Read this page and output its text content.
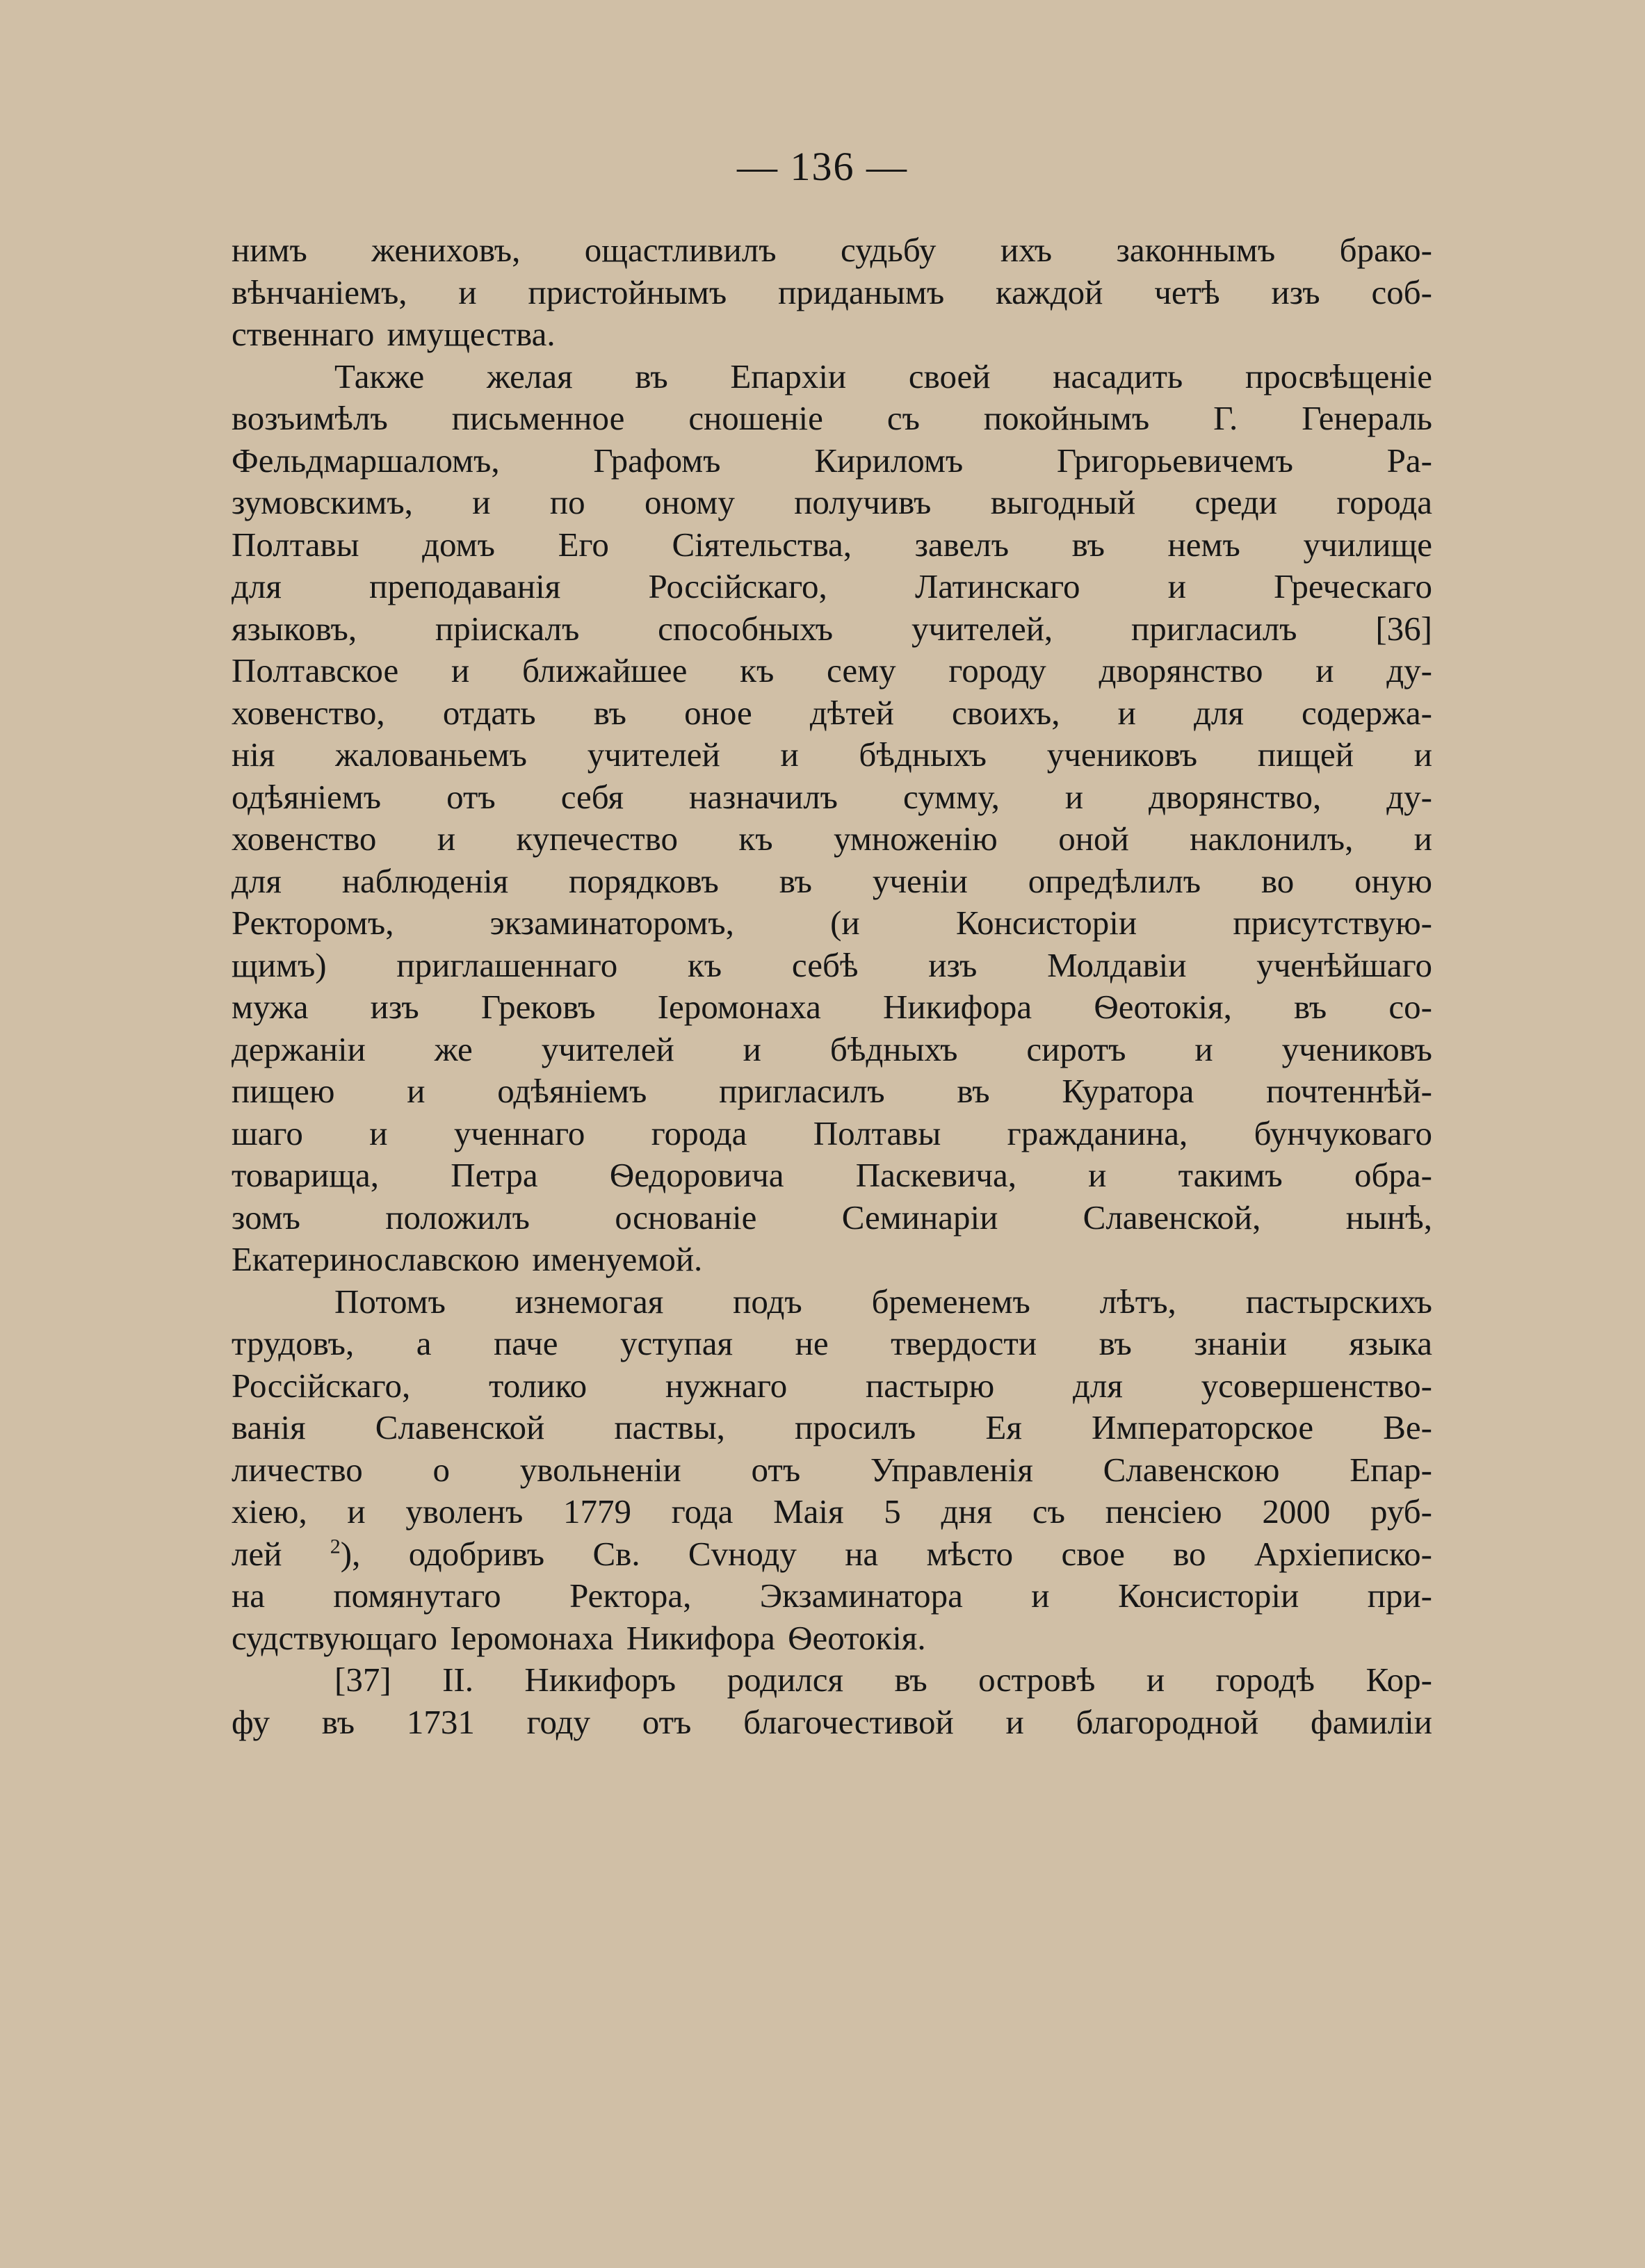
— 136 —
нимъ жениховъ, ощастливилъ судьбу ихъ законнымъ брако-
вѣнчаніемъ, и пристойнымъ приданымъ каждой четѣ изъ соб-
ственнаго имущества.
Также желая въ Епархіи своей насадить просвѣщеніе
возъимѣлъ письменное сношеніе съ покойнымъ Г. Генераль
Фельдмаршаломъ, Графомъ Кириломъ Григорьевичемъ Ра-
зумовскимъ, и по оному получивъ выгодный среди города
Полтавы домъ Его Сіятельства, завелъ въ немъ училище
для преподаванія Россійскаго, Латинскаго и Греческаго
языковъ, пріискалъ способныхъ учителей, пригласилъ [36]
Полтавское и ближайшее къ сему городу дворянство и ду-
ховенство, отдать въ оное дѣтей своихъ, и для содержа-
нія жалованьемъ учителей и бѣдныхъ учениковъ пищей и
одѣяніемъ отъ себя назначилъ сумму, и дворянство, ду-
ховенство и купечество къ умноженію оной наклонилъ, и
для наблюденія порядковъ въ ученіи опредѣлилъ во оную
Ректоромъ, экзаминаторомъ, (и Консисторіи присутствую-
щимъ) приглашеннаго къ себѣ изъ Молдавіи ученѣйшаго
мужа изъ Грековъ Іеромонаха Никифора Ѳеотокія, въ со-
держаніи же учителей и бѣдныхъ сиротъ и учениковъ
пищею и одѣяніемъ пригласилъ въ Куратора почтеннѣй-
шаго и ученнаго города Полтавы гражданина, бунчуковаго
товарища, Петра Ѳедоровича Паскевича, и такимъ обра-
зомъ положилъ основаніе Семинаріи Славенской, нынѣ,
Екатеринославскою именуемой.
Потомъ изнемогая подъ бременемъ лѣтъ, пастырскихъ
трудовъ, а паче уступая не твердости въ знаніи языка
Россійскаго, толико нужнаго пастырю для усовершенство-
ванія Славенской паствы, просилъ Ея Императорское Ве-
личество о увольненіи отъ Управленія Славенскою Епар-
хіею, и уволенъ 1779 года Маія 5 дня съ пенсіею 2000 руб-
лей $^2$), одобривъ Св. Сvноду на мѣсто свое во Архіеписко-
на помянутаго Ректора, Экзаминатора и Консисторіи при-
судствующаго Іеромонаха Никифора Ѳеотокія.
[37] II. Никифоръ родился въ островѣ и городѣ Кор-
фу въ 1731 году отъ благочестивой и благородной фамиліи
